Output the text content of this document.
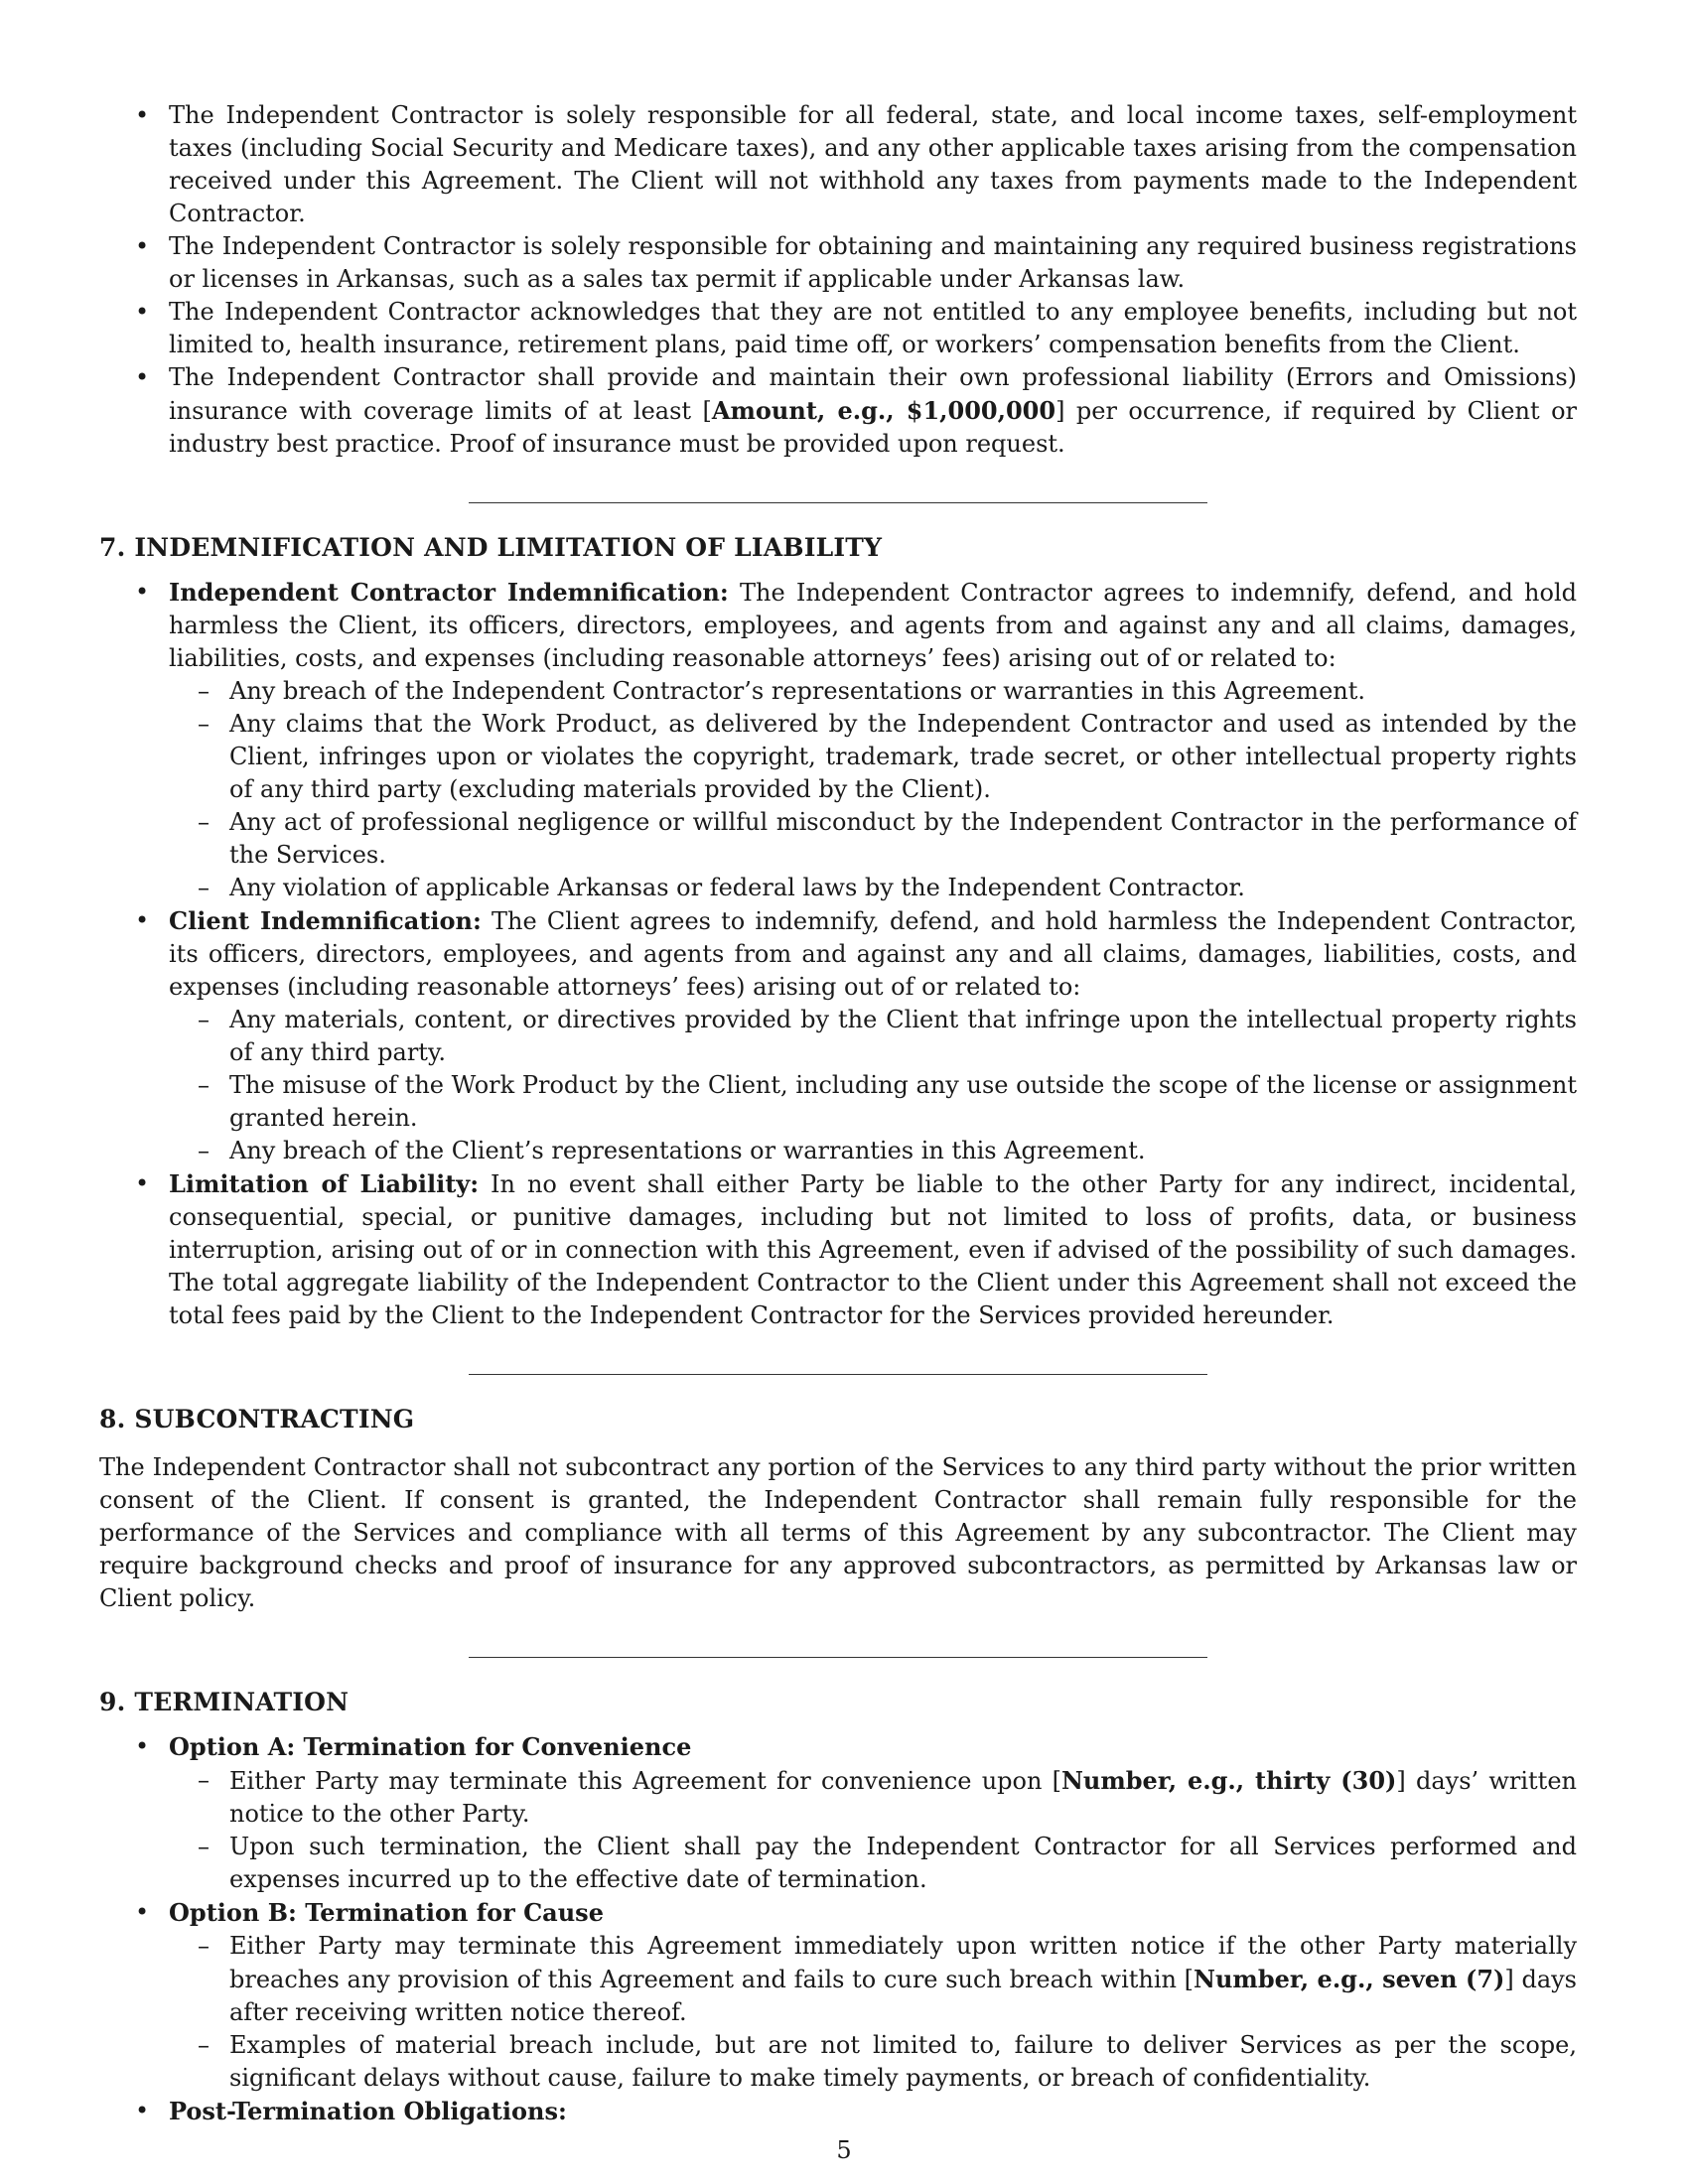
• The Independent Contractor is solely responsible for all federal, state, and local income taxes, self-employment taxes (including Social Security and Medicare taxes), and any other applicable taxes arising from the compensation received under this Agreement. The Client will not withhold any taxes from payments made to the Independent Contractor.
• The Independent Contractor is solely responsible for obtaining and maintaining any required business registrations or licenses in Arkansas, such as a sales tax permit if applicable under Arkansas law.
• The Independent Contractor acknowledges that they are not entitled to any employee benefits, including but not limited to, health insurance, retirement plans, paid time off, or workers’ compensation benefits from the Client.
• The Independent Contractor shall provide and maintain their own professional liability (Errors and Omissions) insurance with coverage limits of at least [Amount, e.g., $1,000,000] per occurrence, if required by Client or industry best practice. Proof of insurance must be provided upon request.
7. INDEMNIFICATION AND LIMITATION OF LIABILITY
• Independent Contractor Indemnification: The Independent Contractor agrees to indemnify, defend, and hold harmless the Client, its officers, directors, employees, and agents from and against any and all claims, damages, liabilities, costs, and expenses (including reasonable attorneys’ fees) arising out of or related to:
– Any breach of the Independent Contractor’s representations or warranties in this Agreement.
– Any claims that the Work Product, as delivered by the Independent Contractor and used as intended by the Client, infringes upon or violates the copyright, trademark, trade secret, or other intellectual property rights of any third party (excluding materials provided by the Client).
– Any act of professional negligence or willful misconduct by the Independent Contractor in the performance of the Services.
– Any violation of applicable Arkansas or federal laws by the Independent Contractor.
• Client Indemnification: The Client agrees to indemnify, defend, and hold harmless the Independent Contractor, its officers, directors, employees, and agents from and against any and all claims, damages, liabilities, costs, and expenses (including reasonable attorneys’ fees) arising out of or related to:
– Any materials, content, or directives provided by the Client that infringe upon the intellectual property rights of any third party.
– The misuse of the Work Product by the Client, including any use outside the scope of the license or assignment granted herein.
– Any breach of the Client’s representations or warranties in this Agreement.
• Limitation of Liability: In no event shall either Party be liable to the other Party for any indirect, incidental, consequential, special, or punitive damages, including but not limited to loss of profits, data, or business interruption, arising out of or in connection with this Agreement, even if advised of the possibility of such damages. The total aggregate liability of the Independent Contractor to the Client under this Agreement shall not exceed the total fees paid by the Client to the Independent Contractor for the Services provided hereunder.
8. SUBCONTRACTING

The Independent Contractor shall not subcontract any portion of the Services to any third party without the prior written consent of the Client. If consent is granted, the Independent Contractor shall remain fully responsible for the performance of the Services and compliance with all terms of this Agreement by any subcontractor. The Client may require background checks and proof of insurance for any approved subcontractors, as permitted by Arkansas law or Client policy.

9. TERMINATION
• Option A: Termination for Convenience
– Either Party may terminate this Agreement for convenience upon [Number, e.g., thirty (30)] days’ written notice to the other Party.
– Upon such termination, the Client shall pay the Independent Contractor for all Services performed and expenses incurred up to the effective date of termination.
• Option B: Termination for Cause
– Either Party may terminate this Agreement immediately upon written notice if the other Party materially breaches any provision of this Agreement and fails to cure such breach within [Number, e.g., seven (7)] days after receiving written notice thereof.
– Examples of material breach include, but are not limited to, failure to deliver Services as per the scope, significant delays without cause, failure to make timely payments, or breach of confidentiality.
• Post-Termination Obligations:
5
